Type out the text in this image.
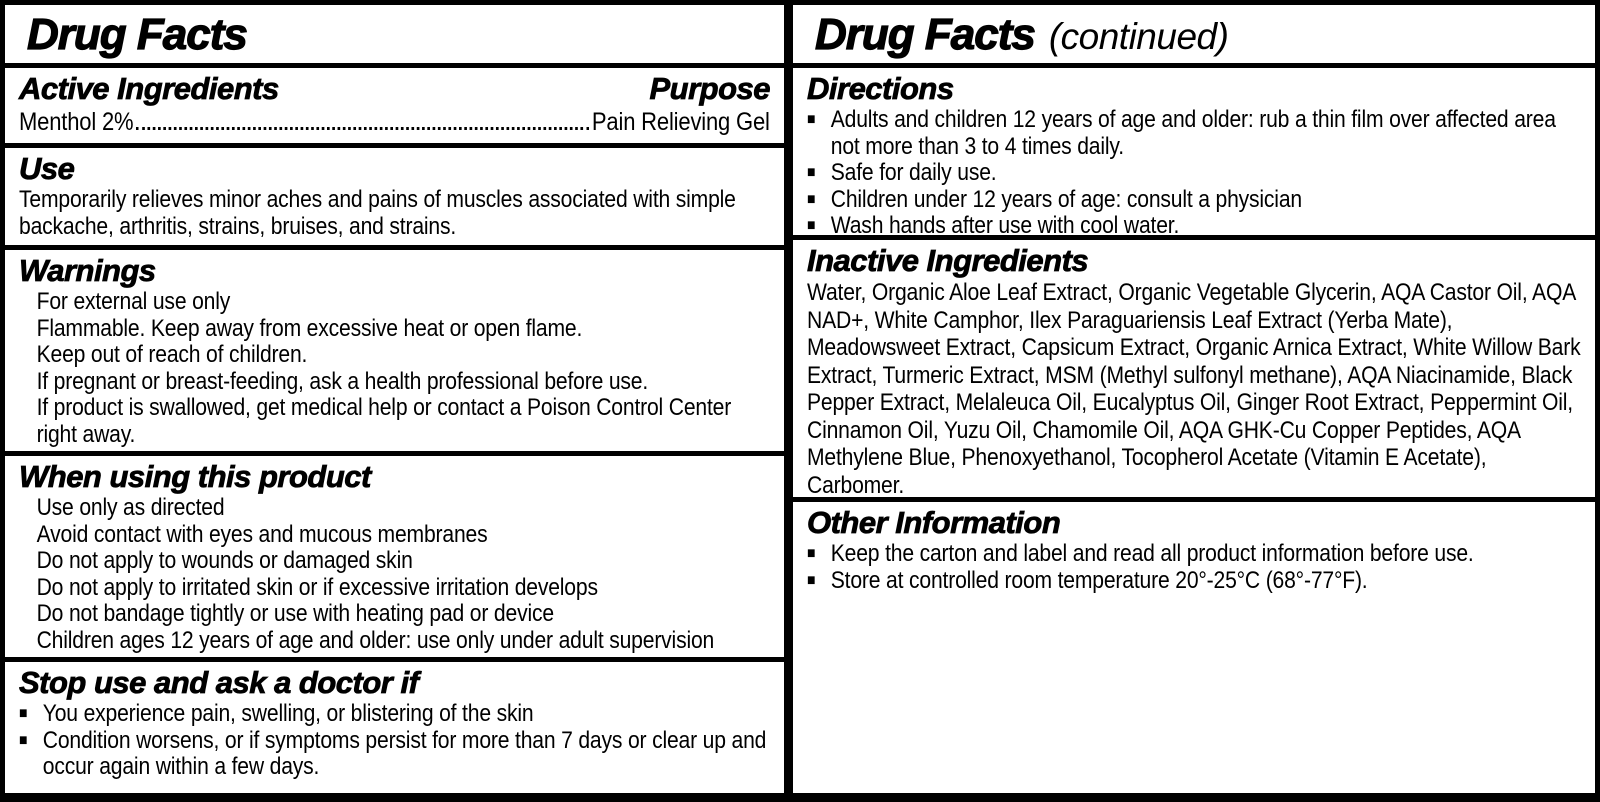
Drug Facts
Active Ingredients	Purpose
Menthol 2%	Pain Relieving Gel
Use
Temporarily relieves minor aches and pains of muscles associated with simple backache, arthritis, strains, bruises, and strains.
Warnings
For external use only
Flammable. Keep away from excessive heat or open flame.
Keep out of reach of children.
If pregnant or breast-feeding, ask a health professional before use.
If product is swallowed, get medical help or contact a Poison Control Center right away.
When using this product
Use only as directed
Avoid contact with eyes and mucous membranes
Do not apply to wounds or damaged skin
Do not apply to irritated skin or if excessive irritation develops
Do not bandage tightly or use with heating pad or device
Children ages 12 years of age and older: use only under adult supervision
Stop use and ask a doctor if
■ You experience pain, swelling, or blistering of the skin
■ Condition worsens, or if symptoms persist for more than 7 days or clear up and occur again within a few days.
Drug Facts (continued)
Directions
■ Adults and children 12 years of age and older: rub a thin film over affected area not more than 3 to 4 times daily.
■ Safe for daily use.
■ Children under 12 years of age: consult a physician
■ Wash hands after use with cool water.
Inactive Ingredients
Water, Organic Aloe Leaf Extract, Organic Vegetable Glycerin, AQA Castor Oil, AQA NAD+, White Camphor, Ilex Paraguariensis Leaf Extract (Yerba Mate), Meadowsweet Extract, Capsicum Extract, Organic Arnica Extract, White Willow Bark Extract, Turmeric Extract, MSM (Methyl sulfonyl methane), AQA Niacinamide, Black Pepper Extract, Melaleuca Oil, Eucalyptus Oil, Ginger Root Extract, Peppermint Oil, Cinnamon Oil, Yuzu Oil, Chamomile Oil, AQA GHK-Cu Copper Peptides, AQA Methylene Blue, Phenoxyethanol, Tocopherol Acetate (Vitamin E Acetate), Carbomer.
Other Information
■ Keep the carton and label and read all product information before use.
■ Store at controlled room temperature 20°-25°C (68°-77°F).
